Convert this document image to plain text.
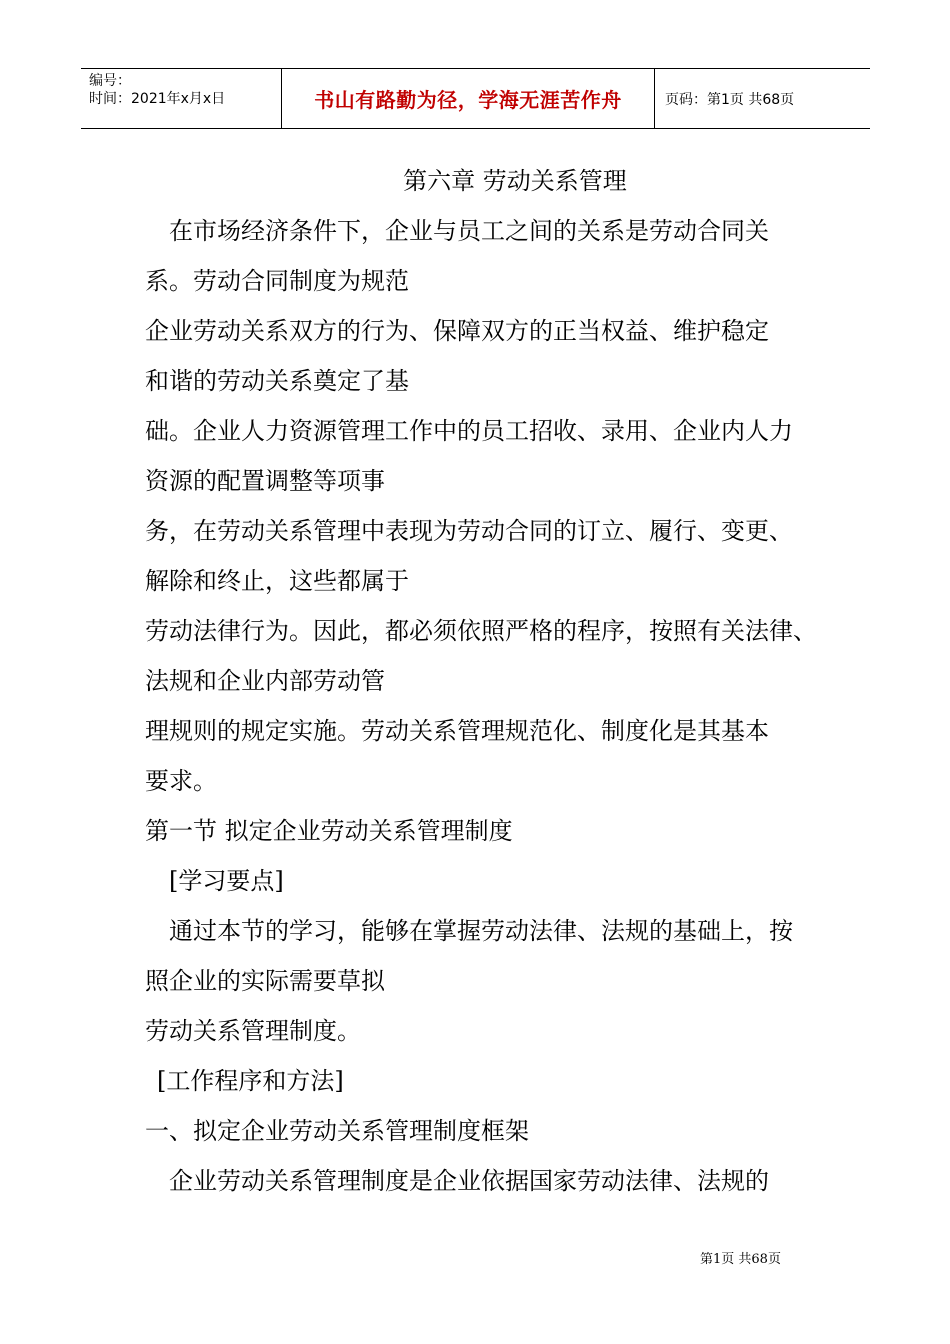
编号：
时间：2021年x月x日	书山有路勤为径，学海无涯苦作舟	页码：第1页 共68页

第六章 劳动关系管理

在市场经济条件下，企业与员工之间的关系是劳动合同关

系。劳动合同制度为规范

企业劳动关系双方的行为、保障双方的正当权益、维护稳定

和谐的劳动关系奠定了基

础。企业人力资源管理工作中的员工招收、录用、企业内人力

资源的配置调整等项事

务，在劳动关系管理中表现为劳动合同的订立、履行、变更、

解除和终止，这些都属于

劳动法律行为。因此，都必须依照严格的程序，按照有关法律、

法规和企业内部劳动管

理规则的规定实施。劳动关系管理规范化、制度化是其基本

要求。

第一节 拟定企业劳动关系管理制度

[学习要点]

通过本节的学习，能够在掌握劳动法律、法规的基础上，按

照企业的实际需要草拟

劳动关系管理制度。

[工作程序和方法]

一、拟定企业劳动关系管理制度框架

企业劳动关系管理制度是企业依据国家劳动法律、法规的

第1页 共68页
